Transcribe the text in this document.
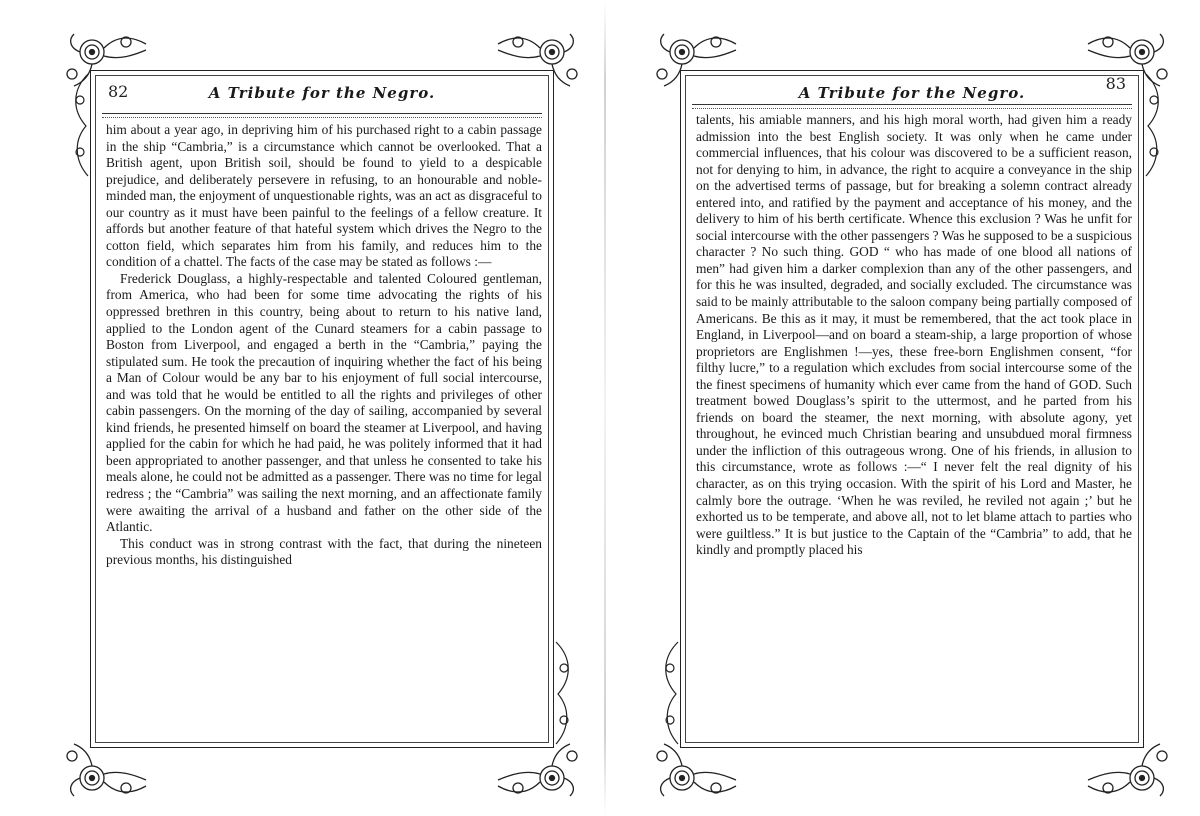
82	A Tribute for the Negro.

him about a year ago, in depriving him of his purchased right to a cabin passage in the ship “Cambria,” is a circumstance which cannot be overlooked. That a British agent, upon British soil, should be found to yield to a despicable prejudice, and deliberately persevere in refusing, to an honourable and noble-minded man, the enjoyment of unquestionable rights, was an act as disgraceful to our country as it must have been painful to the feelings of a fellow creature. It affords but another feature of that hateful system which drives the Negro to the cotton field, which separates him from his family, and reduces him to the condition of a chattel. The facts of the case may be stated as follows :—

Frederick Douglass, a highly-respectable and talented Coloured gentleman, from America, who had been for some time advocating the rights of his oppressed brethren in this country, being about to return to his native land, applied to the London agent of the Cunard steamers for a cabin passage to Boston from Liverpool, and engaged a berth in the “Cambria,” paying the stipulated sum. He took the precaution of inquiring whether the fact of his being a Man of Colour would be any bar to his enjoyment of full social intercourse, and was told that he would be entitled to all the rights and privileges of other cabin passengers. On the morning of the day of sailing, accompanied by several kind friends, he presented himself on board the steamer at Liverpool, and having applied for the cabin for which he had paid, he was politely informed that it had been appropriated to another passenger, and that unless he consented to take his meals alone, he could not be admitted as a passenger. There was no time for legal redress ; the “Cambria” was sailing the next morning, and an affectionate family were awaiting the arrival of a husband and father on the other side of the Atlantic.

This conduct was in strong contrast with the fact, that during the nineteen previous months, his distinguished

A Tribute for the Negro.	83

talents, his amiable manners, and his high moral worth, had given him a ready admission into the best English society. It was only when he came under commercial influences, that his colour was discovered to be a sufficient reason, not for denying to him, in advance, the right to acquire a conveyance in the ship on the advertised terms of passage, but for breaking a solemn contract already entered into, and ratified by the payment and acceptance of his money, and the delivery to him of his berth certificate. Whence this exclusion ? Was he unfit for social intercourse with the other passengers ? Was he supposed to be a suspicious character ? No such thing. GOD “ who has made of one blood all nations of men” had given him a darker complexion than any of the other passengers, and for this he was insulted, degraded, and socially excluded. The circumstance was said to be mainly attributable to the saloon company being partially composed of Americans. Be this as it may, it must be remembered, that the act took place in England, in Liverpool—and on board a steam-ship, a large proportion of whose proprietors are Englishmen !—yes, these free-born Englishmen consent, “for filthy lucre,” to a regulation which excludes from social intercourse some of the the finest specimens of humanity which ever came from the hand of GOD. Such treatment bowed Douglass’s spirit to the uttermost, and he parted from his friends on board the steamer, the next morning, with absolute agony, yet throughout, he evinced much Christian bearing and unsubdued moral firmness under the infliction of this outrageous wrong. One of his friends, in allusion to this circumstance, wrote as follows :—“ I never felt the real dignity of his character, as on this trying occasion. With the spirit of his Lord and Master, he calmly bore the outrage. ‘When he was reviled, he reviled not again ;’ but he exhorted us to be temperate, and above all, not to let blame attach to parties who were guiltless.” It is but justice to the Captain of the “Cambria” to add, that he kindly and promptly placed his
